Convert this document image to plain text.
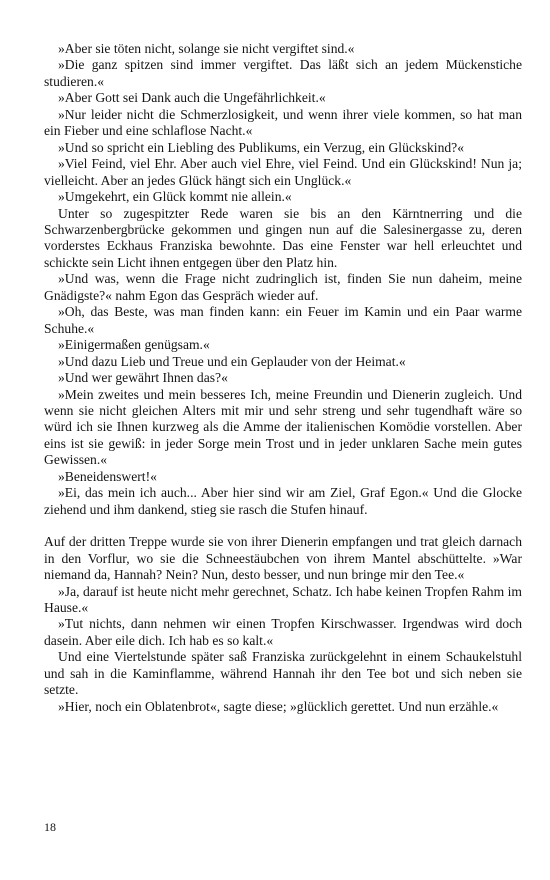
»Aber sie töten nicht, solange sie nicht vergiftet sind.«

»Die ganz spitzen sind immer vergiftet. Das läßt sich an jedem Mückenstiche studieren.«

»Aber Gott sei Dank auch die Ungefährlichkeit.«

»Nur leider nicht die Schmerzlosigkeit, und wenn ihrer viele kommen, so hat man ein Fieber und eine schlaflose Nacht.«

»Und so spricht ein Liebling des Publikums, ein Verzug, ein Glückskind?«

»Viel Feind, viel Ehr. Aber auch viel Ehre, viel Feind. Und ein Glückskind! Nun ja; vielleicht. Aber an jedes Glück hängt sich ein Unglück.«

»Umgekehrt, ein Glück kommt nie allein.«

Unter so zugespitzter Rede waren sie bis an den Kärntnerring und die Schwarzenbergbrücke gekommen und gingen nun auf die Salesinergasse zu, deren vorderstes Eckhaus Franziska bewohnte. Das eine Fenster war hell erleuchtet und schickte sein Licht ihnen entgegen über den Platz hin.

»Und was, wenn die Frage nicht zudringlich ist, finden Sie nun daheim, meine Gnädigste?« nahm Egon das Gespräch wieder auf.

»Oh, das Beste, was man finden kann: ein Feuer im Kamin und ein Paar warme Schuhe.«

»Einigermaßen genügsam.«

»Und dazu Lieb und Treue und ein Geplauder von der Heimat.«

»Und wer gewährt Ihnen das?«

»Mein zweites und mein besseres Ich, meine Freundin und Dienerin zugleich. Und wenn sie nicht gleichen Alters mit mir und sehr streng und sehr tugendhaft wäre so würd ich sie Ihnen kurzweg als die Amme der italienischen Komödie vorstellen. Aber eins ist sie gewiß: in jeder Sorge mein Trost und in jeder unklaren Sache mein gutes Gewissen.«

»Beneidenswert!«

»Ei, das mein ich auch... Aber hier sind wir am Ziel, Graf Egon.« Und die Glocke ziehend und ihm dankend, stieg sie rasch die Stufen hinauf.

Auf der dritten Treppe wurde sie von ihrer Dienerin empfangen und trat gleich darnach in den Vorflur, wo sie die Schneestäubchen von ihrem Mantel abschüttelte. »War niemand da, Hannah? Nein? Nun, desto besser, und nun bringe mir den Tee.«

»Ja, darauf ist heute nicht mehr gerechnet, Schatz. Ich habe keinen Tropfen Rahm im Hause.«

»Tut nichts, dann nehmen wir einen Tropfen Kirschwasser. Irgendwas wird doch dasein. Aber eile dich. Ich hab es so kalt.«

Und eine Viertelstunde später saß Franziska zurückgelehnt in einem Schaukelstuhl und sah in die Kaminflamme, während Hannah ihr den Tee bot und sich neben sie setzte.

»Hier, noch ein Oblatenbrot«, sagte diese; »glücklich gerettet. Und nun erzähle.«

18
